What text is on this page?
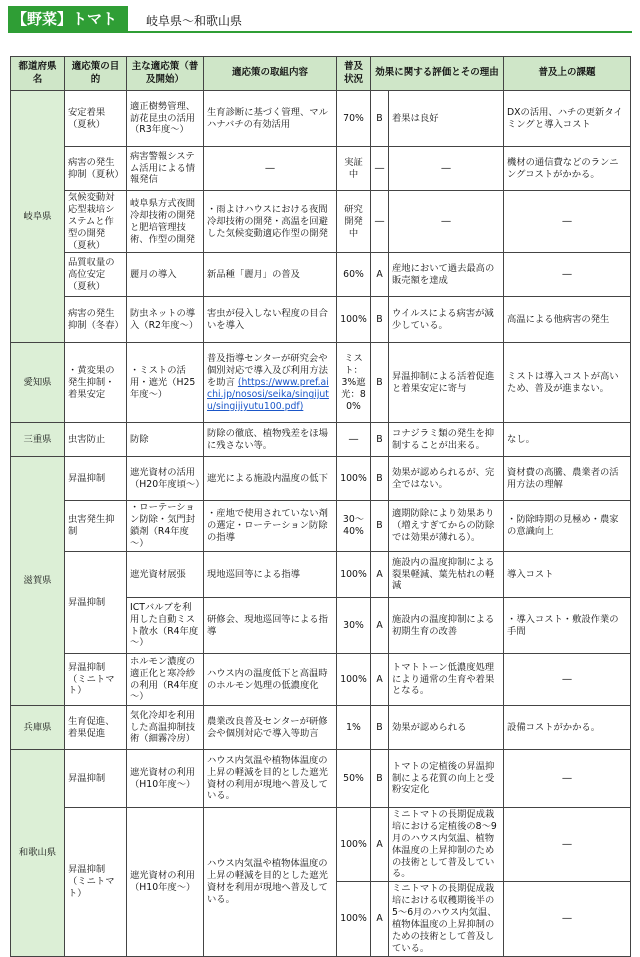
【野菜】トマト	岐阜県～和歌山県
都道府県名	適応策の目的	主な適応策（普及開始）	適応策の取組内容	普及状況	効果に関する評価とその理由		普及上の課題
岐阜県	安定着果（夏秋）	適正樹勢管理、訪花昆虫の活用（R3年度～）	生育診断に基づく管理、マルハナバチの有効活用	70%	B	着果は良好	DXの活用、ハチの更新タイミングと導入コスト
	病害の発生抑制（夏秋）	病害警報システム活用による情報発信	―	実証中	―	―	機材の通信費などのランニングコストがかかる。
	気候変動対応型栽培システムと作型の開発（夏秋）	岐阜県方式夜間冷却技術の開発と肥培管理技術、作型の開発	・雨よけハウスにおける夜間冷却技術の開発・高温を回避した気候変動適応作型の開発	研究開発中	―	―	―
	品質収量の高位安定（夏秋）	麗月の導入	新品種「麗月」の普及	60%	A	産地において過去最高の販売額を達成	―
	病害の発生抑制（冬春）	防虫ネットの導入（R2年度～）	害虫が侵入しない程度の目合いを導入	100%	B	ウイルスによる病害が減少している。	高温による他病害の発生
愛知県	・黄変果の発生抑制・着果安定	・ミストの活用・遮光（H25年度～）	普及指導センターが研究会や個別対応で導入及び利用方法を助言 (https://www.pref.aichi.jp/nososi/seika/singijutu/singijiyutu100.pdf)	ミスト：3%遮光：80%	B	昇温抑制による活着促進と着果安定に寄与	ミストは導入コストが高いため、普及が進まない。
三重県	虫害防止	防除	防除の徹底、植物残差をほ場に残さない等。	―	B	コナジラミ類の発生を抑制することが出来る。	なし。
滋賀県	昇温抑制	遮光資材の活用（H20年度頃～）	遮光による施設内温度の低下	100%	B	効果が認められるが、完全ではない。	資材費の高騰、農業者の活用方法の理解
	虫害発生抑制	・ローテーション防除・気門封鎖剤（R4年度～）	・産地で使用されていない剤の選定・ローテーション防除の指導	30～40%	B	適期防除により効果あり（増えすぎてからの防除では効果が薄れる）。	・防除時期の見極め・農家の意識向上
	昇温抑制	遮光資材展張	現地巡回等による指導	100%	A	施設内の温度抑制による裂果軽減、葉先枯れの軽減	導入コスト
		ICTバルブを利用した自動ミスト散水（R4年度～）	研修会、現地巡回等による指導	30%	A	施設内の温度抑制による初期生育の改善	・導入コスト・敷設作業の手間
	昇温抑制（ミニトマト）	ホルモン濃度の適正化と寒冷紗の利用（R4年度～）	ハウス内の温度低下と高温時のホルモン処理の低濃度化	100%	A	トマトトーン低濃度処理により通常の生育や着果となる。	―
兵庫県	生育促進、着果促進	気化冷却を利用した高温抑制技術（細霧冷房）	農業改良普及センターが研修会や個別対応で導入等助言	1%	B	効果が認められる	設備コストがかかる。
和歌山県	昇温抑制	遮光資材の利用（H10年度～）	ハウス内気温や植物体温度の上昇の軽減を目的とした遮光資材の利用が現地へ普及している。	50%	B	トマトの定植後の昇温抑制による花質の向上と受粉安定化	―
	昇温抑制（ミニトマト）	遮光資材の利用（H10年度～）	ハウス内気温や植物体温度の上昇の軽減を目的とした遮光資材を利用が現地へ普及している。	100%	A	ミニトマトの長期促成栽培における定植後の8～9月のハウス内気温、植物体温度の上昇抑制のための技術として普及している。	―
				100%	A	ミニトマトの長期促成栽培における収穫期後半の5～6月のハウス内気温、植物体温度の上昇抑制のための技術として普及している。	―
